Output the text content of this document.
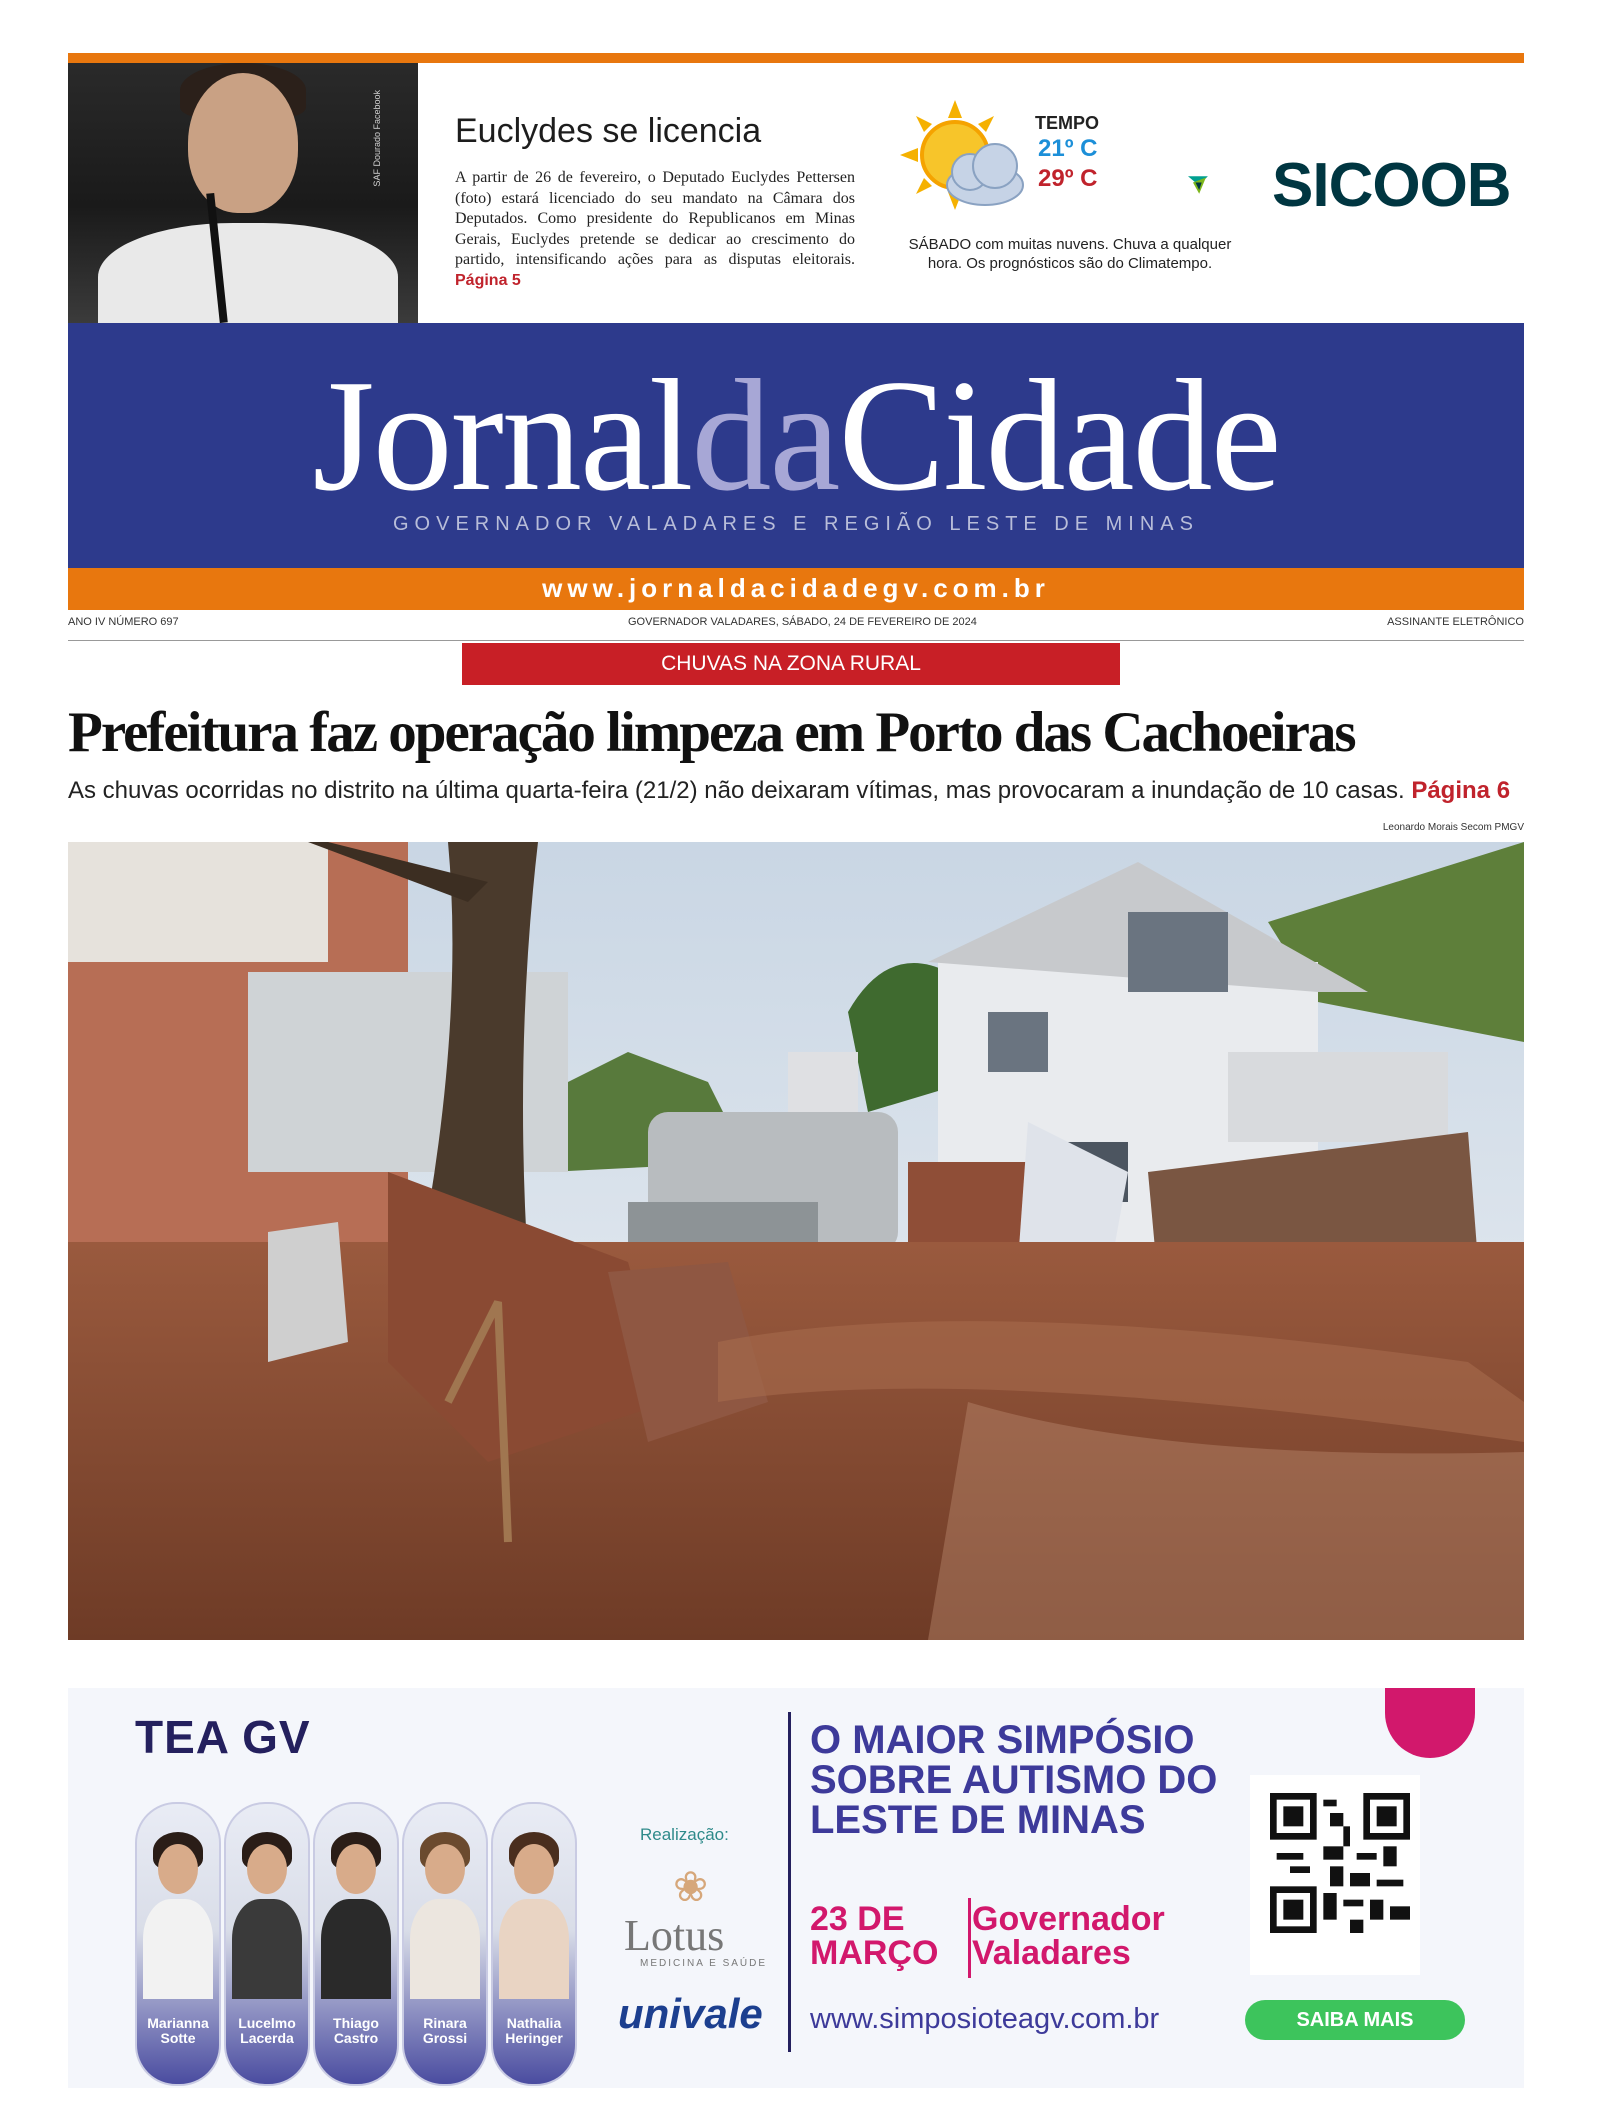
SAF Dourado Facebook Euclydes se licencia
A partir de 26 de fevereiro, o Deputado Euclydes Pettersen (foto) estará licenciado do seu mandato na Câmara dos Deputados. Como presidente do Republicanos em Minas Gerais, Euclydes pretende se dedicar ao crescimento do partido, intensificando ações para as disputas eleitorais. Página 5
TEMPO
21º C
29º C
SÁBADO com muitas nuvens. Chuva a qualquer hora. Os prognósticos são do Climatempo.
SICOOB
JornaldaCidade
GOVERNADOR VALADARES E REGIÃO LESTE DE MINAS
www.jornaldacidadegv.com.br
ANO IV NÚMERO 697	GOVERNADOR VALADARES, SÁBADO, 24 DE FEVEREIRO DE 2024	ASSINANTE ELETRÔNICO
CHUVAS NA ZONA RURAL
Prefeitura faz operação limpeza em Porto das Cachoeiras
As chuvas ocorridas no distrito na última quarta-feira (21/2) não deixaram vítimas, mas provocaram a inundação de 10 casas. Página 6
Leonardo Morais Secom PMGV
TEA GV
Marianna
Sotte
Lucelmo
Lacerda
Thiago
Castro
Rinara
Grossi
Nathalia
Heringer
Realização:
❀
Lotus
MEDICINA E SAÚDE
univale
O MAIOR SIMPÓSIO SOBRE AUTISMO DO LESTE DE MINAS
23 DE MARÇO
Governador Valadares
www.simposioteagv.com.br	SAIBA MAIS
